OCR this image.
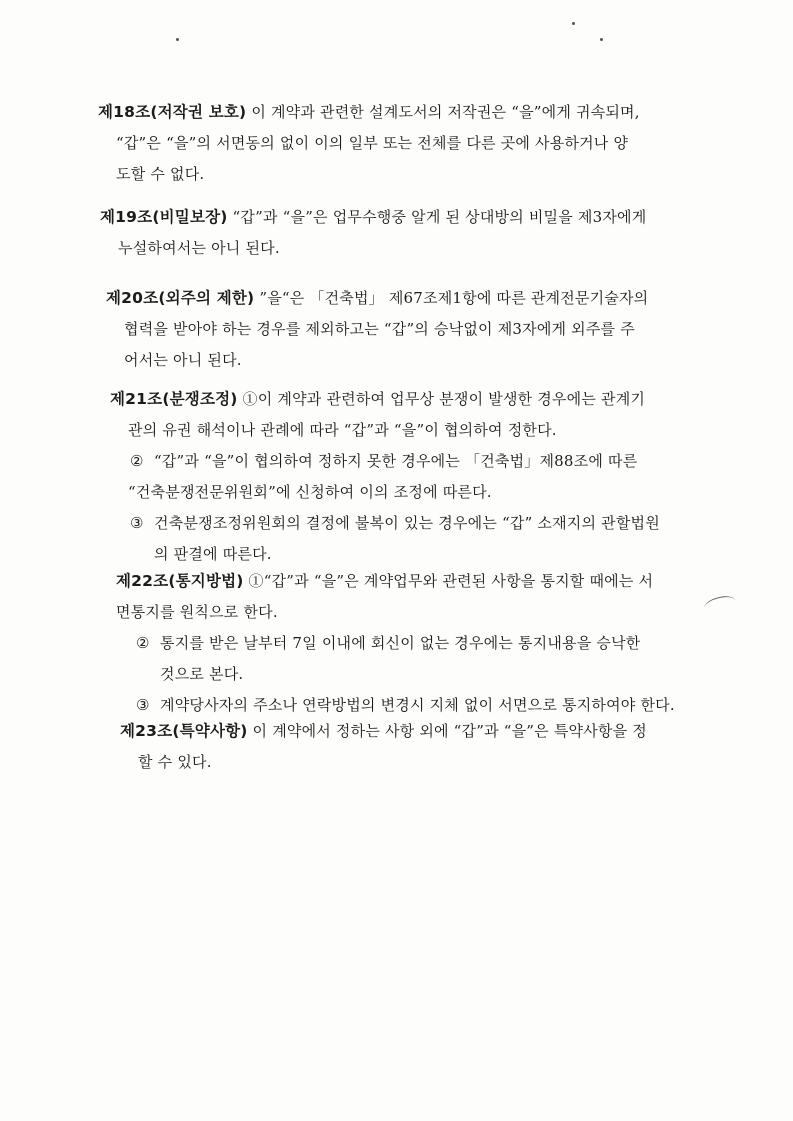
제18조(저작권 보호) 이 계약과 관련한 설계도서의 저작권은 “을”에게 귀속되며,
“갑”은 “을”의 서면동의 없이 이의 일부 또는 전체를 다른 곳에 사용하거나 양
도할 수 없다.
제19조(비밀보장) “갑”과 “을”은 업무수행중 알게 된 상대방의 비밀을 제3자에게
누설하여서는 아니 된다.
제20조(외주의 제한) ”을“은 「건축법」 제67조제1항에 따른 관계전문기술자의
협력을 받아야 하는 경우를 제외하고는 “갑”의 승낙없이 제3자에게 외주를 주
어서는 아니 된다.
제21조(분쟁조정) ①이 계약과 관련하여 업무상 분쟁이 발생한 경우에는 관계기
관의 유권 해석이나 관례에 따라 “갑”과 “을”이 협의하여 정한다.
② “갑”과 “을”이 협의하여 정하지 못한 경우에는 「건축법」제88조에 따른
“건축분쟁전문위원회”에 신청하여 이의 조정에 따른다.
③ 건축분쟁조정위원회의 결정에 불복이 있는 경우에는 “갑” 소재지의 관할법원
의 판결에 따른다.
제22조(통지방법) ①“갑”과 “을”은 계약업무와 관련된 사항을 통지할 때에는 서
면통지를 원칙으로 한다.
② 통지를 받은 날부터 7일 이내에 회신이 없는 경우에는 통지내용을 승낙한
것으로 본다.
③ 계약당사자의 주소나 연락방법의 변경시 지체 없이 서면으로 통지하여야 한다.
제23조(특약사항) 이 계약에서 정하는 사항 외에 “갑”과 “을”은 특약사항을 정
할 수 있다.
